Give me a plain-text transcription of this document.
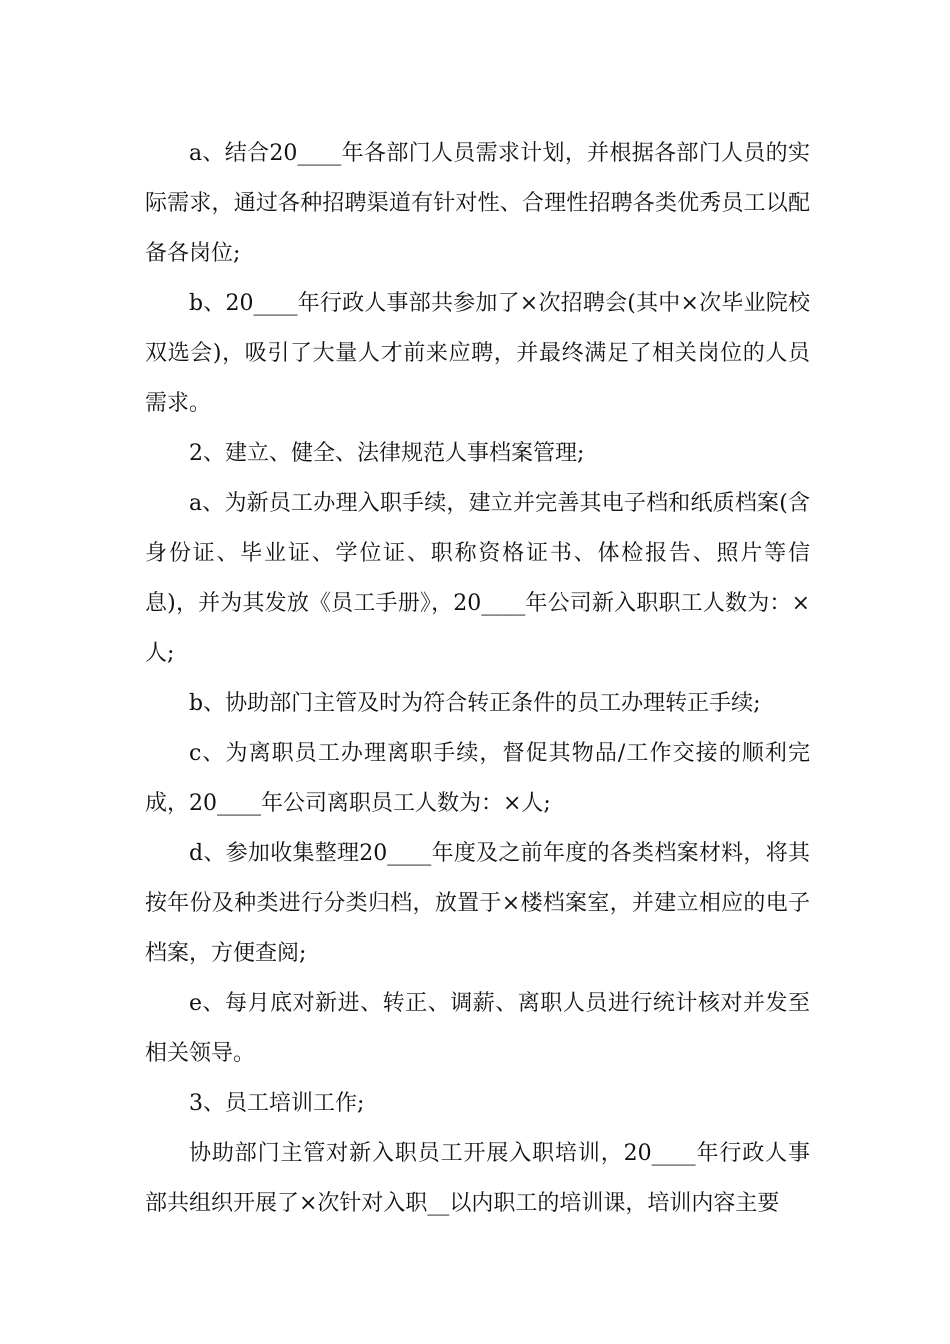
a、结合20____年各部门人员需求计划，并根据各部门人员的实际需求，通过各种招聘渠道有针对性、合理性招聘各类优秀员工以配备各岗位;

b、20____年行政人事部共参加了×次招聘会(其中×次毕业院校双选会)，吸引了大量人才前来应聘，并最终满足了相关岗位的人员需求。

2、建立、健全、法律规范人事档案管理;

a、为新员工办理入职手续，建立并完善其电子档和纸质档案(含身份证、毕业证、学位证、职称资格证书、体检报告、照片等信息)，并为其发放《员工手册》，20____年公司新入职职工人数为：×人;

b、协助部门主管及时为符合转正条件的员工办理转正手续;

c、为离职员工办理离职手续，督促其物品/工作交接的顺利完成，20____年公司离职员工人数为：×人;

d、参加收集整理20____年度及之前年度的各类档案材料，将其按年份及种类进行分类归档，放置于×楼档案室，并建立相应的电子档案，方便查阅;

e、每月底对新进、转正、调薪、离职人员进行统计核对并发至相关领导。

3、员工培训工作;

协助部门主管对新入职员工开展入职培训，20____年行政人事部共组织开展了×次针对入职__以内职工的培训课，培训内容主要
